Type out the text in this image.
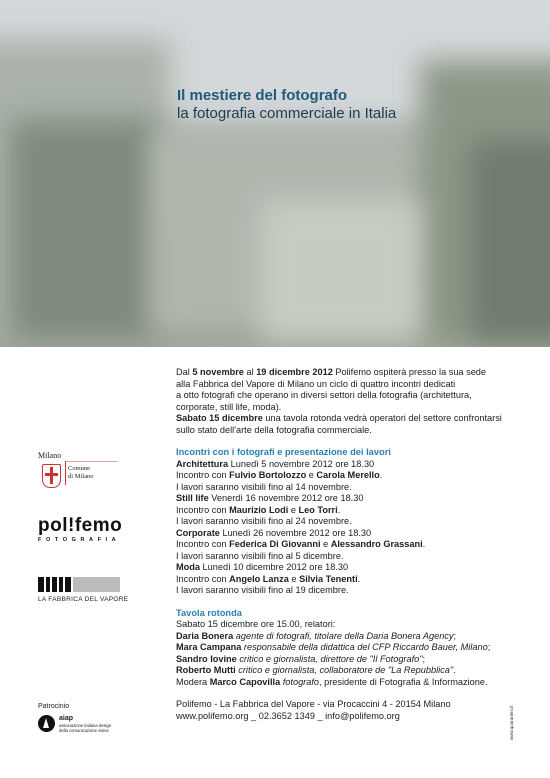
Il mestiere del fotografo
la fotografia commerciale in Italia
Dal 5 novembre al 19 dicembre 2012 Polifemo ospiterà presso la sua sede
alla Fabbrica del Vapore di Milano un ciclo di quattro incontri dedicati
a otto fotografi che operano in diversi settori della fotografia (architettura,
corporate, still life, moda).
Sabato 15 dicembre una tavola rotonda vedrà operatori del settore confrontarsi
sullo stato dell'arte della fotografia commerciale.
Incontri con i fotografi e presentazione dei lavori
Architettura Lunedì 5 novembre 2012 ore 18.30
Incontro con Fulvio Bortolozzo e Carola Merello.
I lavori saranno visibili fino al 14 novembre.
Still life Venerdì 16 novembre 2012 ore 18.30
Incontro con Maurizio Lodi e Leo Torri.
I lavori saranno visibili fino al 24 novembre.
Corporate Lunedì 26 novembre 2012 ore 18.30
Incontro con Federica Di Giovanni e Alessandro Grassani.
I lavori saranno visibili fino al 5 dicembre.
Moda Lunedì 10 dicembre 2012 ore 18.30
Incontro con Angelo Lanza e Silvia Tenenti.
I lavori saranno visibili fino al 19 dicembre.
Tavola rotonda
Sabato 15 dicembre ore 15.00, relatori:
Daria Bonera agente di fotografi, titolare della Daria Bonera Agency;
Mara Campana responsabile della didattica del CFP Riccardo Bauer, Milano;
Sandro Iovine critico e giornalista, direttore de "Il Fotografo";
Roberto Mutti critico e giornalista, collaboratore de "La Repubblica".
Modera Marco Capovilla fotografo, presidente di Fotografia & Informazione.
Polifemo - La Fabbrica del Vapore - via Procaccini 4 - 20154 Milano
www.polifemo.org _ 02.3652 1349 _ info@polifemo.org
Milano
Comune
di Milano
pol!femo
FOTOGRAFIA
LA FABBRICA DEL VAPORE
Patrocinio
aiap
associazione italiana design
della comunicazione visiva	www.quaranteo.it
